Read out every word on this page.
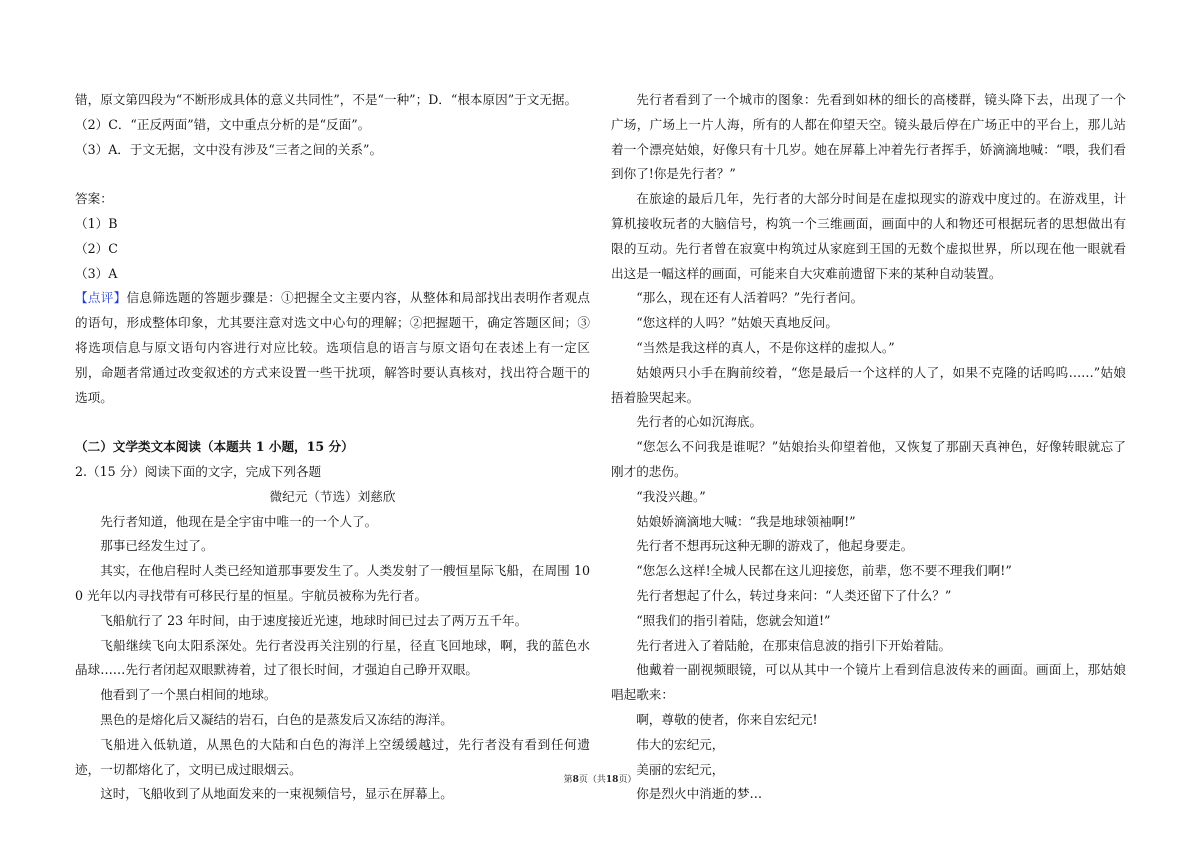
错，原文第四段为“不断形成具体的意义共同性”，不是“一种”；D．“根本原因”于文无据。

（2）C．“正反两面”错，文中重点分析的是“反面”。

（3）A．于文无据，文中没有涉及“三者之间的关系”。

答案：

（1）B

（2）C

（3）A

【点评】信息筛选题的答题步骤是：①把握全文主要内容，从整体和局部找出表明作者观点的语句，形成整体印象，尤其要注意对选文中心句的理解；②把握题干，确定答题区间；③将选项信息与原文语句内容进行对应比较。选项信息的语言与原文语句在表述上有一定区别，命题者常通过改变叙述的方式来设置一些干扰项，解答时要认真核对，找出符合题干的选项。

（二）文学类文本阅读（本题共 1 小题，15 分）

2.（15 分）阅读下面的文字，完成下列各题

微纪元（节选）刘慈欣

先行者知道，他现在是全宇宙中唯一的一个人了。

那事已经发生过了。

其实，在他启程时人类已经知道那事要发生了。人类发射了一艘恒星际飞船，在周围 100 光年以内寻找带有可移民行星的恒星。宇航员被称为先行者。

飞船航行了 23 年时间，由于速度接近光速，地球时间已过去了两万五千年。

飞船继续飞向太阳系深处。先行者没再关注别的行星，径直飞回地球，啊，我的蓝色水晶球……先行者闭起双眼默祷着，过了很长时间，才强迫自己睁开双眼。

他看到了一个黑白相间的地球。

黑色的是熔化后又凝结的岩石，白色的是蒸发后又冻结的海洋。

飞船进入低轨道，从黑色的大陆和白色的海洋上空缓缓越过，先行者没有看到任何遗迹，一切都熔化了，文明已成过眼烟云。

这时，飞船收到了从地面发来的一束视频信号，显示在屏幕上。

先行者看到了一个城市的图象：先看到如林的细长的高楼群，镜头降下去，出现了一个广场，广场上一片人海，所有的人都在仰望天空。镜头最后停在广场正中的平台上，那儿站着一个漂亮姑娘，好像只有十几岁。她在屏幕上冲着先行者挥手，娇滴滴地喊：“喂，我们看到你了!你是先行者？”

在旅途的最后几年，先行者的大部分时间是在虚拟现实的游戏中度过的。在游戏里，计算机接收玩者的大脑信号，构筑一个三维画面，画面中的人和物还可根据玩者的思想做出有限的互动。先行者曾在寂寞中构筑过从家庭到王国的无数个虚拟世界，所以现在他一眼就看出这是一幅这样的画面，可能来自大灾难前遗留下来的某种自动装置。

“那么，现在还有人活着吗？”先行者问。

“您这样的人吗？”姑娘天真地反问。

“当然是我这样的真人，不是你这样的虚拟人。”

姑娘两只小手在胸前绞着，“您是最后一个这样的人了，如果不克隆的话呜呜……”姑娘捂着脸哭起来。

先行者的心如沉海底。

“您怎么不问我是谁呢？”姑娘抬头仰望着他，又恢复了那副天真神色，好像转眼就忘了刚才的悲伤。

“我没兴趣。”

姑娘娇滴滴地大喊：“我是地球领袖啊!”

先行者不想再玩这种无聊的游戏了，他起身要走。

“您怎么这样!全城人民都在这儿迎接您，前辈，您不要不理我们啊!”

先行者想起了什么，转过身来问：“人类还留下了什么？”

“照我们的指引着陆，您就会知道!”

先行者进入了着陆舱，在那束信息波的指引下开始着陆。

他戴着一副视频眼镜，可以从其中一个镜片上看到信息波传来的画面。画面上，那姑娘唱起歌来：

啊，尊敬的使者，你来自宏纪元!

伟大的宏纪元，

美丽的宏纪元，

你是烈火中消逝的梦…

第8页（共18页）
